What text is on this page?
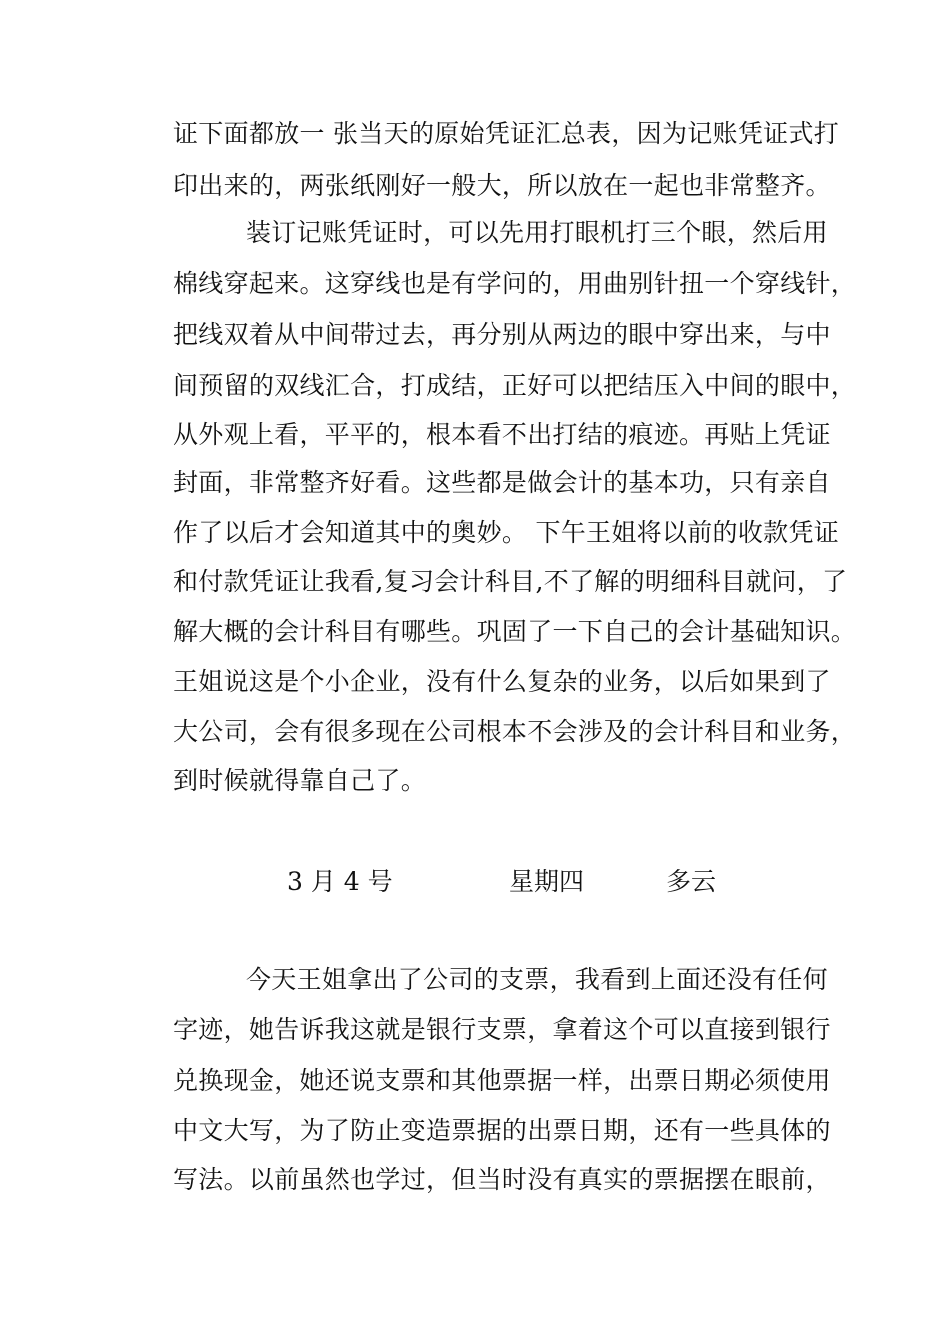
证下面都放一 张当天的原始凭证汇总表，因为记账凭证式打
印出来的，两张纸刚好一般大，所以放在一起也非常整齐。
装订记账凭证时，可以先用打眼机打三个眼，然后用
棉线穿起来。这穿线也是有学问的，用曲别针扭一个穿线针，
把线双着从中间带过去，再分别从两边的眼中穿出来，与中
间预留的双线汇合，打成结，正好可以把结压入中间的眼中，
从外观上看，平平的，根本看不出打结的痕迹。再贴上凭证
封面，非常整齐好看。这些都是做会计的基本功，只有亲自
作了以后才会知道其中的奥妙。 下午王姐将以前的收款凭证
和付款凭证让我看,复习会计科目,不了解的明细科目就问，了
解大概的会计科目有哪些。巩固了一下自己的会计基础知识。
王姐说这是个小企业，没有什么复杂的业务，以后如果到了
大公司，会有很多现在公司根本不会涉及的会计科目和业务，
到时候就得靠自己了。
3 月 4 号	星期四	多云
今天王姐拿出了公司的支票，我看到上面还没有任何
字迹，她告诉我这就是银行支票，拿着这个可以直接到银行
兑换现金，她还说支票和其他票据一样，出票日期必须使用
中文大写，为了防止变造票据的出票日期，还有一些具体的
写法。以前虽然也学过，但当时没有真实的票据摆在眼前，
